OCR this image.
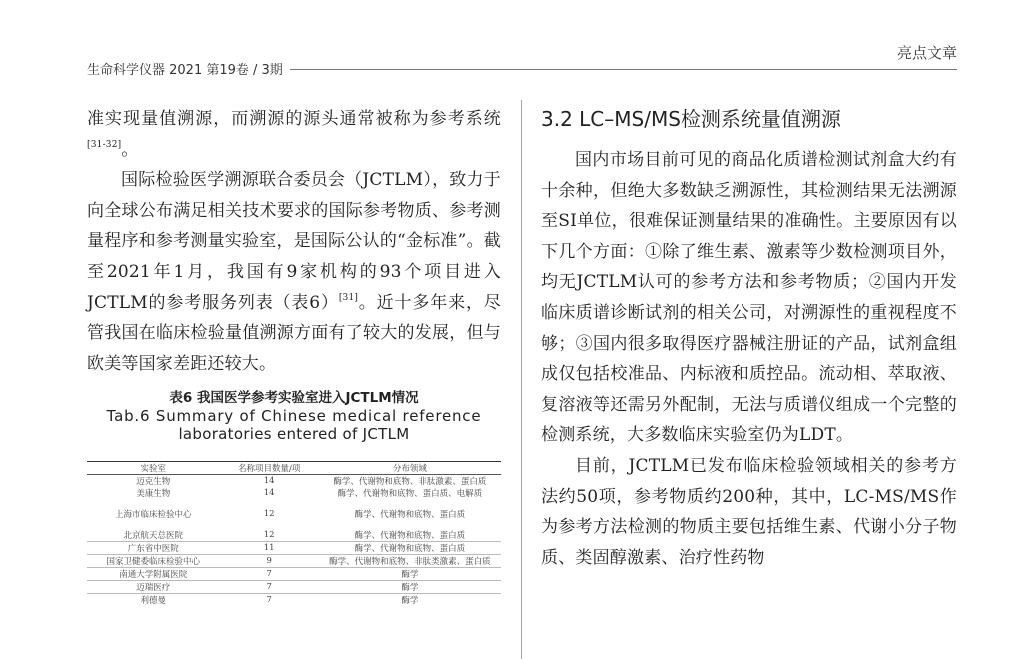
生命科学仪器 2021 第19卷 / 3期
亮点文章

准实现量值溯源，而溯源的源头通常被称为参考系统[31-32]。

国际检验医学溯源联合委员会（JCTLM），致力于向全球公布满足相关技术要求的国际参考物质、参考测量程序和参考测量实验室，是国际公认的“金标准”。截至2021年1月，我国有9家机构的93个项目进入JCTLM的参考服务列表（表6）[31]。近十多年来，尽管我国在临床检验量值溯源方面有了较大的发展，但与欧美等国家差距还较大。

表6 我国医学参考实验室进入JCTLM情况
Tab.6 Summary of Chinese medical reference
laboratories entered of JCTLM
实验室	名称项目数量/项	分布领域
迈克生物	14	酶学、代谢物和底物、非肽激素、蛋白质
美康生物	14	酶学、代谢物和底物、蛋白质、电解质
上海市临床检验中心	12	酶学、代谢物和底物、蛋白质
北京航天总医院	12	酶学、代谢物和底物、蛋白质
广东省中医院	11	酶学、代谢物和底物、蛋白质
国家卫健委临床检验中心	9	酶学、代谢物和底物、非肽类激素、蛋白质
南通大学附属医院	7	酶学
迈瑞医疗	7	酶学
利德曼	7	酶学
3.2 LC–MS/MS检测系统量值溯源

国内市场目前可见的商品化质谱检测试剂盒大约有十余种，但绝大多数缺乏溯源性，其检测结果无法溯源至SI单位，很难保证测量结果的准确性。主要原因有以下几个方面：①除了维生素、激素等少数检测项目外，均无JCTLM认可的参考方法和参考物质；②国内开发临床质谱诊断试剂的相关公司，对溯源性的重视程度不够；③国内很多取得医疗器械注册证的产品，试剂盒组成仅包括校准品、内标液和质控品。流动相、萃取液、复溶液等还需另外配制，无法与质谱仪组成一个完整的检测系统，大多数临床实验室仍为LDT。

目前，JCTLM已发布临床检验领域相关的参考方法约50项，参考物质约200种，其中，LC-MS/MS作为参考方法检测的物质主要包括维生素、代谢小分子物质、类固醇激素、治疗性药物
